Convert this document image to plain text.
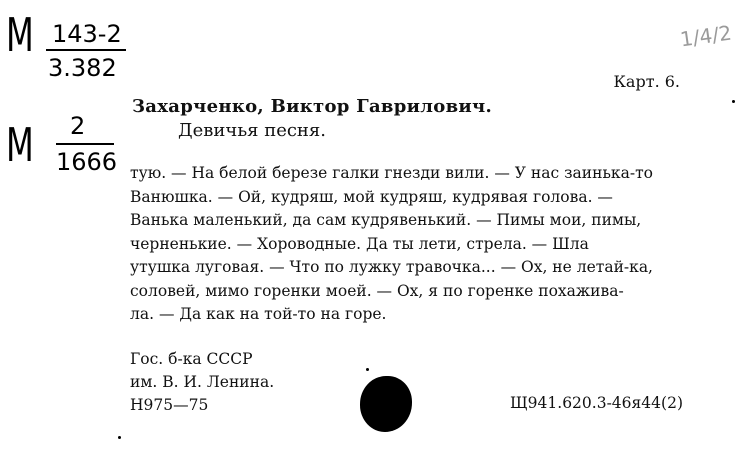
М 143-2
3.382
М 2
1666
1/4/2
Карт. 6.
Захарченко, Виктор Гаврилович.
Девичья песня.
тую. — На белой березе галки гнезди вили. — У нас заинька-то
Ванюшка. — Ой, кудряш, мой кудряш, кудрявая голова. —
Ванька маленький, да сам кудрявенький. — Пимы мои, пимы,
черненькие. — Хороводные. Да ты лети, стрела. — Шла
утушка луговая. — Что по лужку травочка... — Ох, не летай-ка,
соловей, мимо горенки моей. — Ох, я по горенке похажива-
ла. — Да как на той-то на горе.
Гос. б-ка СССР
им. В. И. Ленина.
Н975—75	Щ941.620.3-46я44(2)
